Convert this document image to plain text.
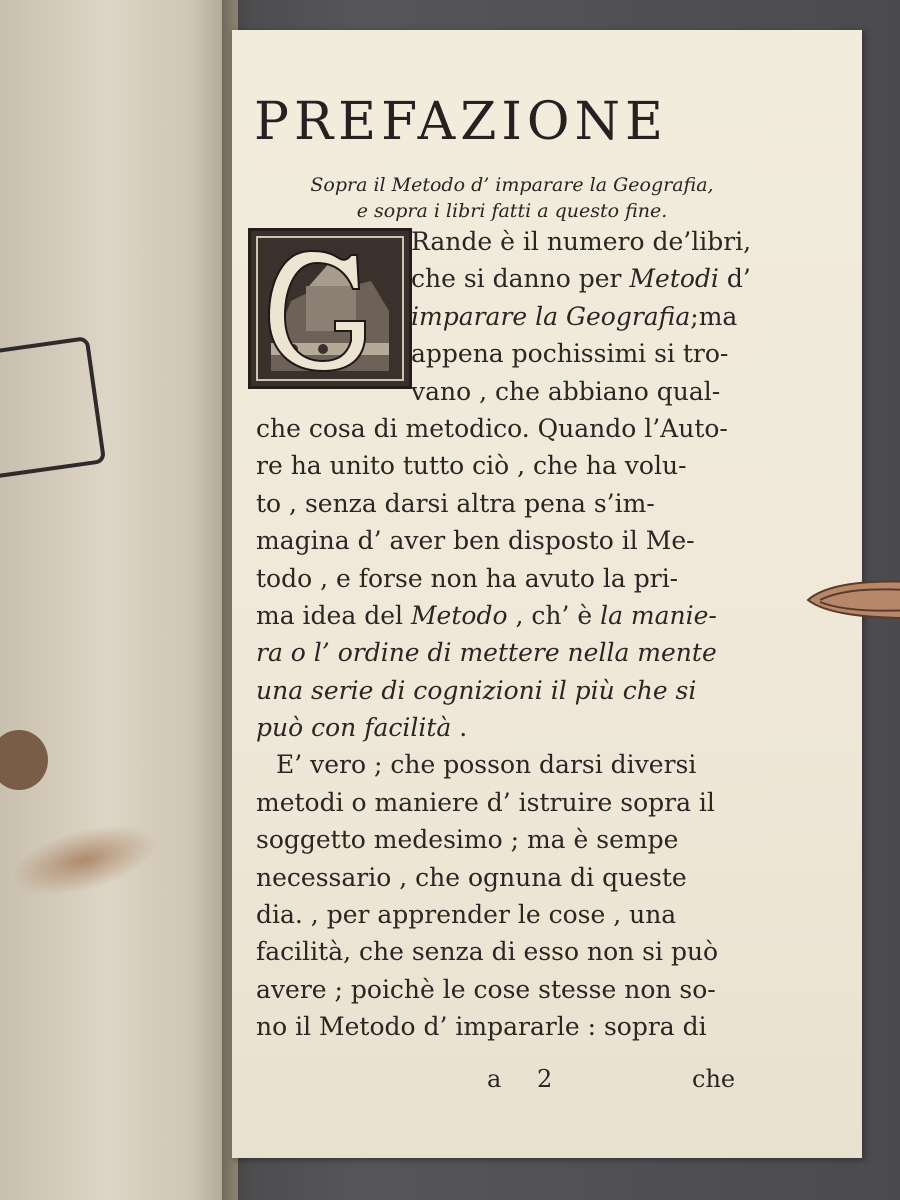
PREFAZIONE
Sopra il Metodo d’ imparare la Geografia,
e sopra i libri fatti a questo fine.
Rande è il numero de’libri,
che si danno per Metodi d’
imparare la Geografia;ma
appena pochissimi si tro-
vano , che abbiano qual-
che cosa di metodico. Quando l’Auto-
re ha unito tutto ciò , che ha volu-
to , senza darsi altra pena s’im-
magina d’ aver ben disposto il Me-
todo , e forse non ha avuto la pri-
ma idea del Metodo , ch’ è la manie-
ra o l’ ordine di mettere nella mente
una serie di cognizioni il più che si
può con facilità .
E’ vero ; che posson darsi diversi
metodi o maniere d’ istruire sopra il
soggetto medesimo ; ma è sempe
necessario , che ognuna di queste
dia. , per apprender le cose , una
facilità, che senza di esso non si può
avere ; poichè le cose stesse non so-
no il Metodo d’ impararle : sopra di
a 2	che
